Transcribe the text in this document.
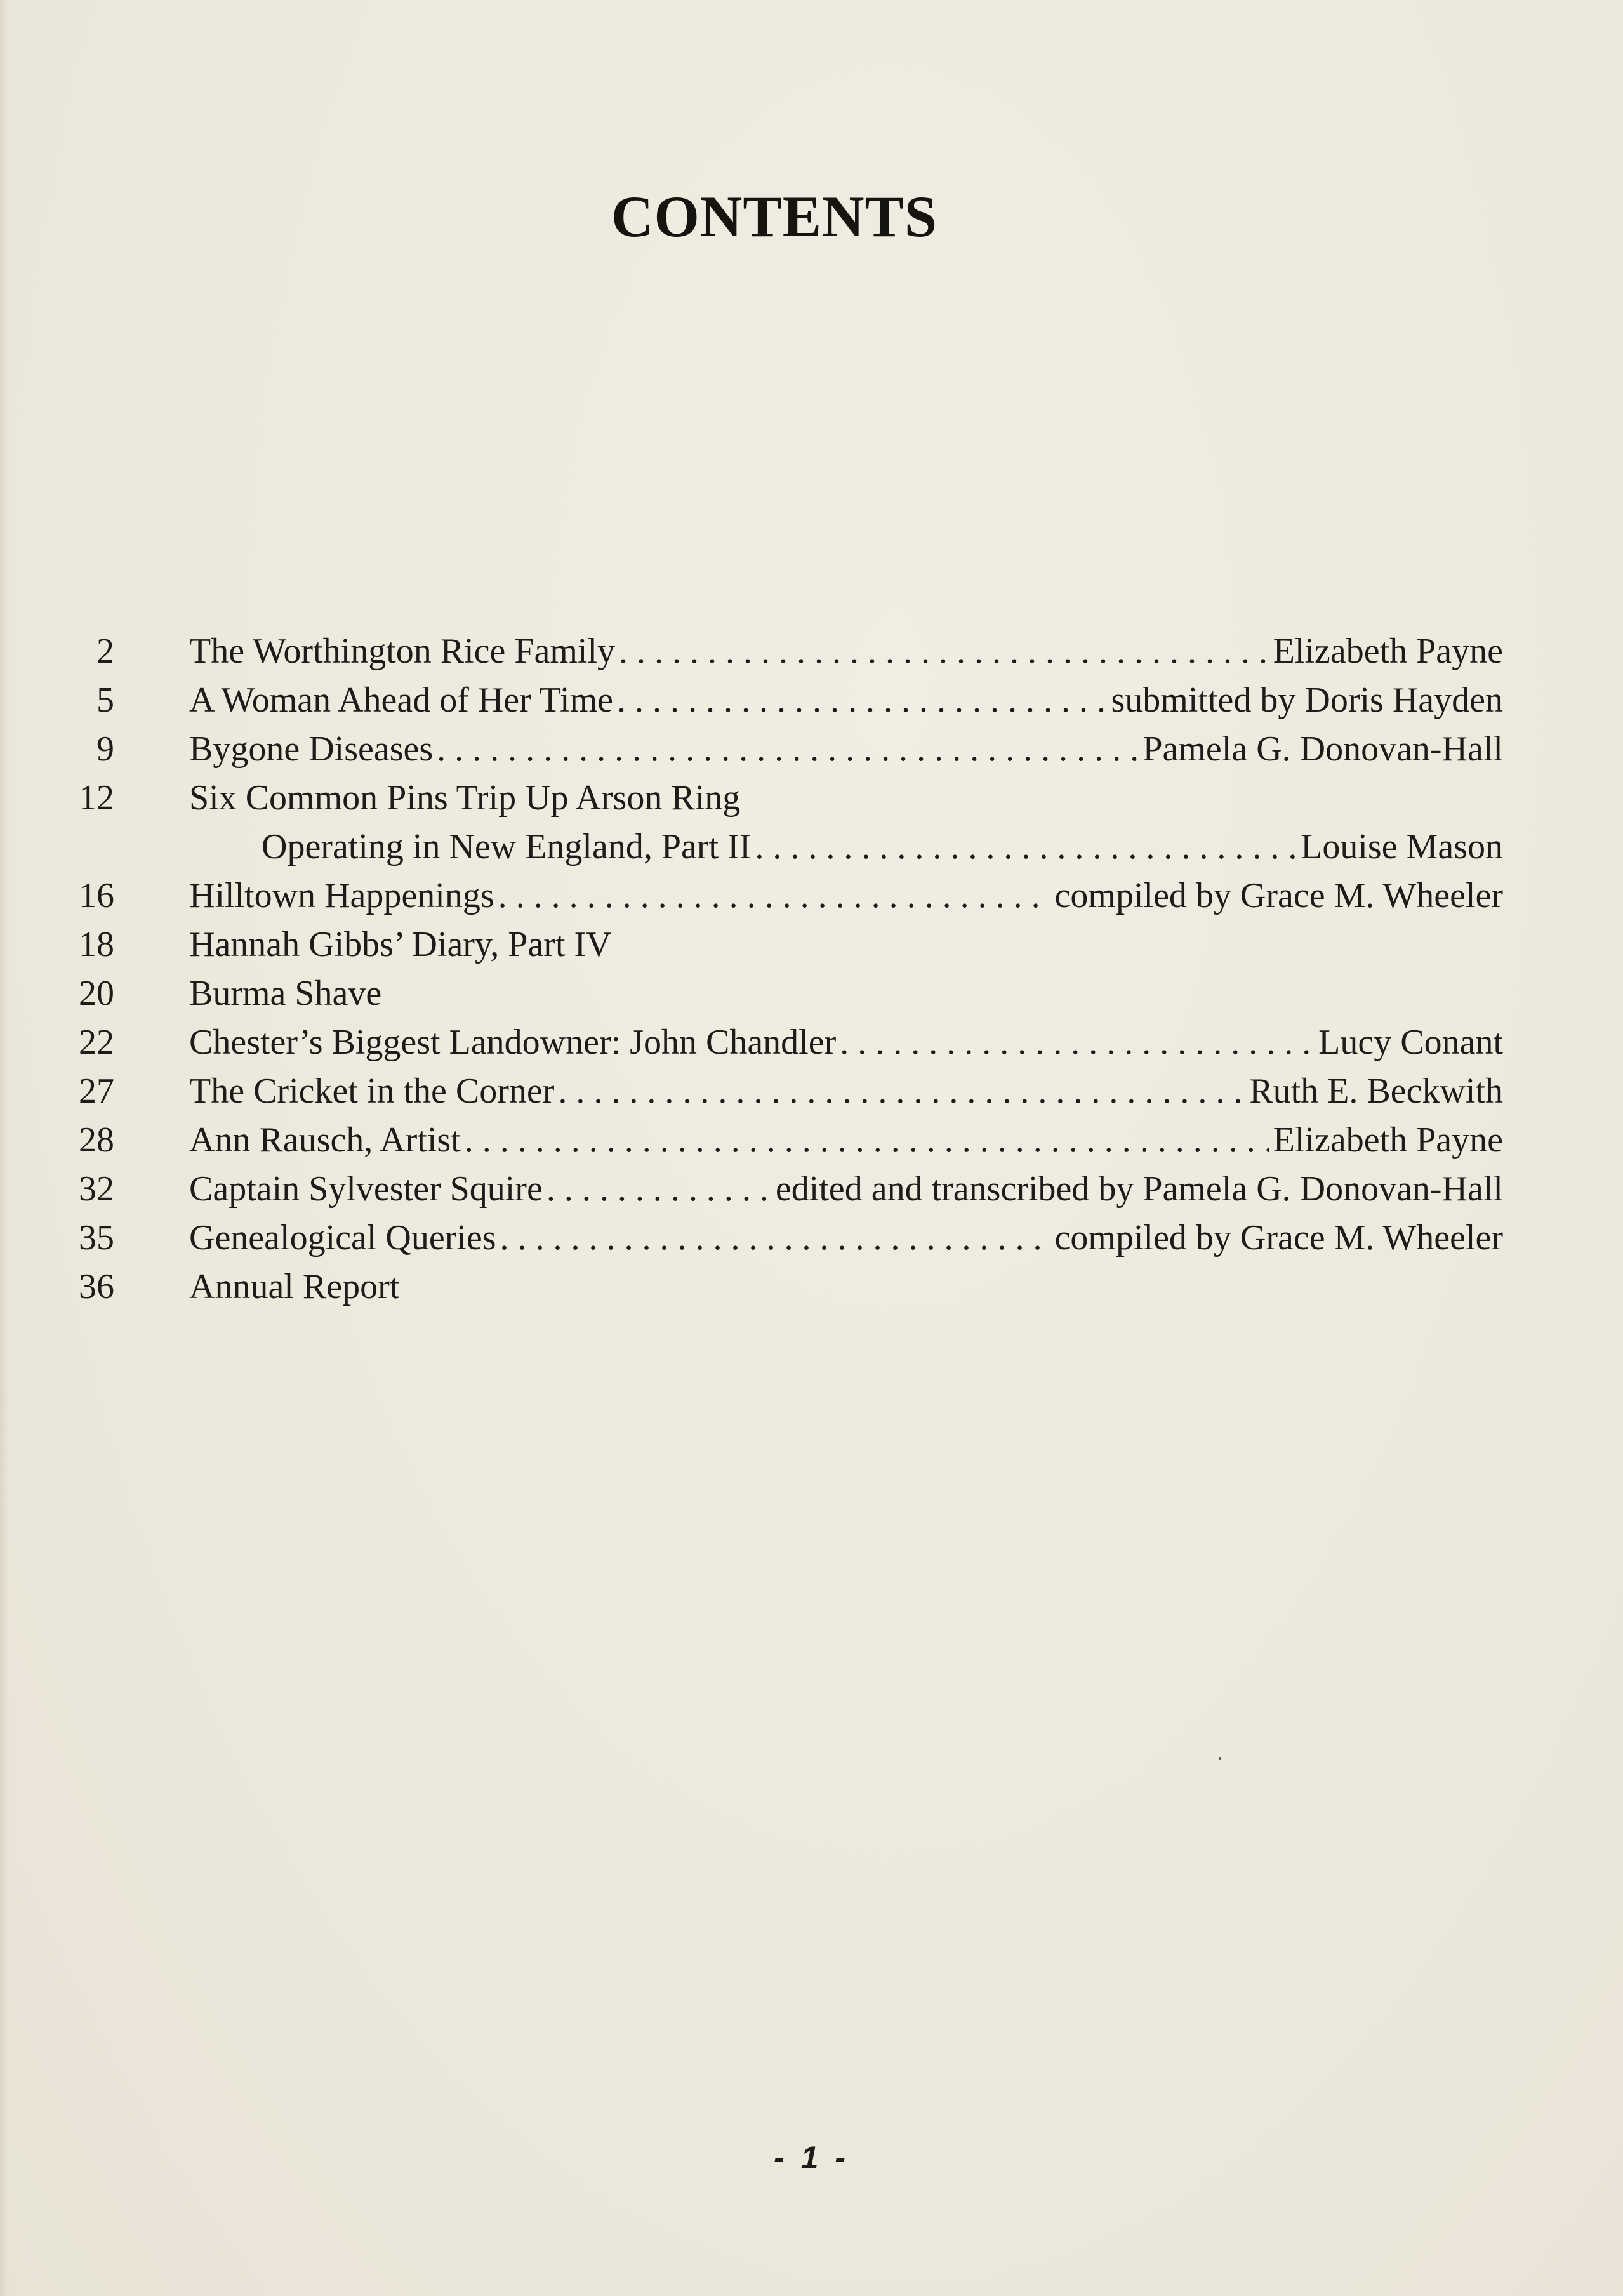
CONTENTS
2 The Worthington Rice Family . . .	Elizabeth Payne
5 A Woman Ahead of Her Time . . .	submitted by Doris Hayden
9 Bygone Diseases . . .	Pamela G. Donovan-Hall
12 Six Common Pins Trip Up Arson Ring
Operating in New England, Part II . . .	Louise Mason
16 Hilltown Happenings . . .	compiled by Grace M. Wheeler
18 Hannah Gibbs’ Diary, Part IV
20 Burma Shave
22 Chester’s Biggest Landowner: John Chandler . . .	Lucy Conant
27 The Cricket in the Corner . . .	Ruth E. Beckwith
28 Ann Rausch, Artist . . .	Elizabeth Payne
32 Captain Sylvester Squire . . .	edited and transcribed by Pamela G. Donovan-Hall
35 Genealogical Queries . . .	compiled by Grace M. Wheeler
36 Annual Report
- 1 -
